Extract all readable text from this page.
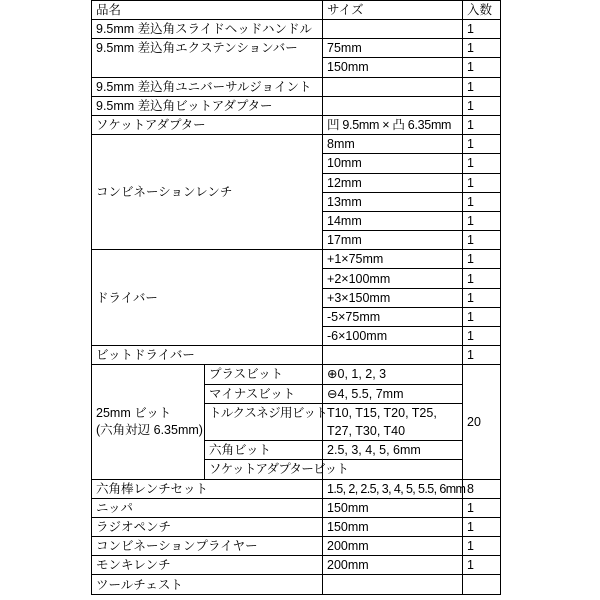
品名		サイズ	入数
9.5mm 差込角スライドヘッドハンドル			1
9.5mm 差込角エクステンションバー		75mm	1
		150mm	1
9.5mm 差込角ユニバーサルジョイント			1
9.5mm 差込角ビットアダプター			1
ソケットアダプター		凹 9.5mm × 凸 6.35mm	1
コンビネーションレンチ		8mm	1
		10mm	1
		12mm	1
		13mm	1
		14mm	1
		17mm	1
ドライバー		+1×75mm	1
		+2×100mm	1
		+3×150mm	1
		-5×75mm	1
		-6×100mm	1
ビットドライバー			1
25mm ビット
(六角対辺 6.35mm)	プラスビット	⊕0, 1, 2, 3	20
	マイナスビット	⊖4, 5.5, 7mm	
	トルクスネジ用ビット	T10, T15, T20, T25,	
		T27, T30, T40	
	六角ビット	2.5, 3, 4, 5, 6mm	
	ソケットアダプタービット		
六角棒レンチセット		1.5, 2, 2.5, 3, 4, 5, 5.5, 6mm	8
ニッパ		150mm	1
ラジオペンチ		150mm	1
コンビネーションプライヤー		200mm	1
モンキレンチ		200mm	1
ツールチェスト			
